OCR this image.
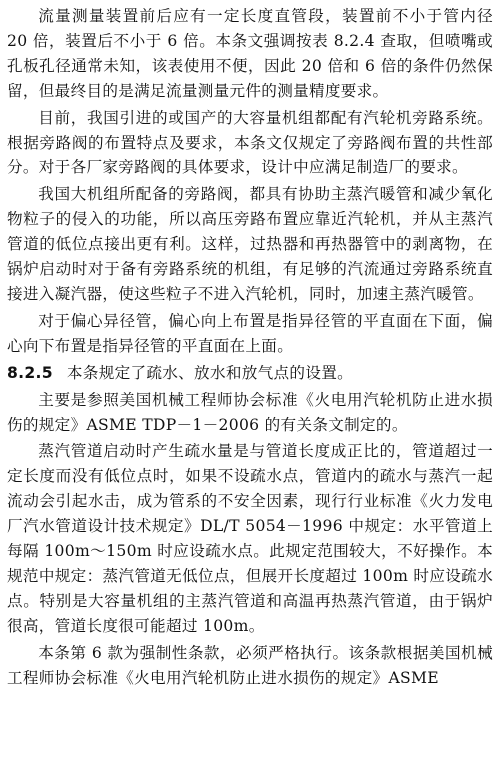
流量测量装置前后应有一定长度直管段，装置前不小于管内径 20 倍，装置后不小于 6 倍。本条文强调按表 8.2.4 查取，但喷嘴或孔板孔径通常未知，该表使用不便，因此 20 倍和 6 倍的条件仍然保留，但最终目的是满足流量测量元件的测量精度要求。

目前，我国引进的或国产的大容量机组都配有汽轮机旁路系统。根据旁路阀的布置特点及要求，本条文仅规定了旁路阀布置的共性部分。对于各厂家旁路阀的具体要求，设计中应满足制造厂的要求。

我国大机组所配备的旁路阀，都具有协助主蒸汽暖管和减少氧化物粒子的侵入的功能，所以高压旁路布置应靠近汽轮机，并从主蒸汽管道的低位点接出更有利。这样，过热器和再热器管中的剥离物，在锅炉启动时对于备有旁路系统的机组，有足够的汽流通过旁路系统直接进入凝汽器，使这些粒子不进入汽轮机，同时，加速主蒸汽暖管。

对于偏心异径管，偏心向上布置是指异径管的平直面在下面，偏心向下布置是指异径管的平直面在上面。

8.2.5 本条规定了疏水、放水和放气点的设置。

主要是参照美国机械工程师协会标准《火电用汽轮机防止进水损伤的规定》ASME TDP－1－2006 的有关条文制定的。

蒸汽管道启动时产生疏水量是与管道长度成正比的，管道超过一定长度而没有低位点时，如果不设疏水点，管道内的疏水与蒸汽一起流动会引起水击，成为管系的不安全因素，现行行业标准《火力发电厂汽水管道设计技术规定》DL/T 5054－1996 中规定：水平管道上每隔 100m～150m 时应设疏水点。此规定范围较大，不好操作。本规范中规定：蒸汽管道无低位点，但展开长度超过 100m 时应设疏水点。特别是大容量机组的主蒸汽管道和高温再热蒸汽管道，由于锅炉很高，管道长度很可能超过 100m。

本条第 6 款为强制性条款，必须严格执行。该条款根据美国机械工程师协会标准《火电用汽轮机防止进水损伤的规定》ASME
